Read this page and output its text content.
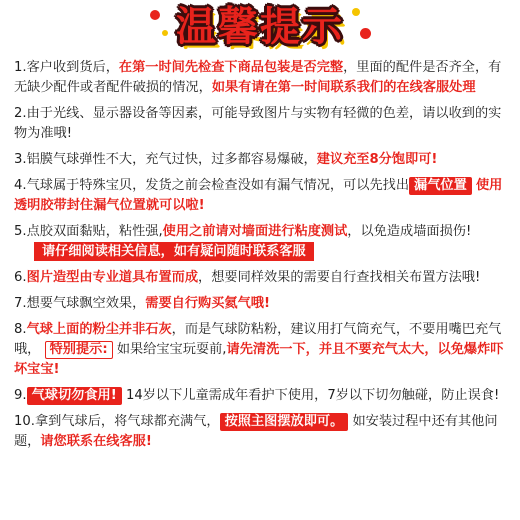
温馨提示

1.客户收到货后，在第一时间先检查下商品包装是否完整，里面的配件是否齐全，有无缺少配件或者配件破损的情况，如果有请在第一时间联系我们的在线客服处理

2.由于光线、显示器设备等因素，可能导致图片与实物有轻微的色差，请以收到的实物为准哦!

3.铝膜气球弹性不大，充气过快，过多都容易爆破，建议充至8分饱即可!

4.气球属于特殊宝贝，发货之前会检查没如有漏气情况，可以先找出 漏气位置 使用透明胶带封住漏气位置就可以啦!

5.点胶双面黏贴，粘性强,使用之前请对墙面进行粘度测试，以免造成墙面损伤!
请仔细阅读相关信息，如有疑问随时联系客服

6.图片造型由专业道具布置而成，想要同样效果的需要自行查找相关布置方法哦!

7.想要气球飘空效果，需要自行购买氦气哦!

8.气球上面的粉尘并非石灰，而是气球防粘粉，建议用打气筒充气，不要用嘴巴充气哦， 特别提示: 如果给宝宝玩耍前,请先清洗一下，并且不要充气太大，以免爆炸吓坏宝宝!

9. 气球切勿食用! 14岁以下儿童需成年看护下使用，7岁以下切勿触碰，防止误食!

10.拿到气球后，将气球都充满气， 按照主图摆放即可。 如安装过程中还有其他问题，请您联系在线客服!
